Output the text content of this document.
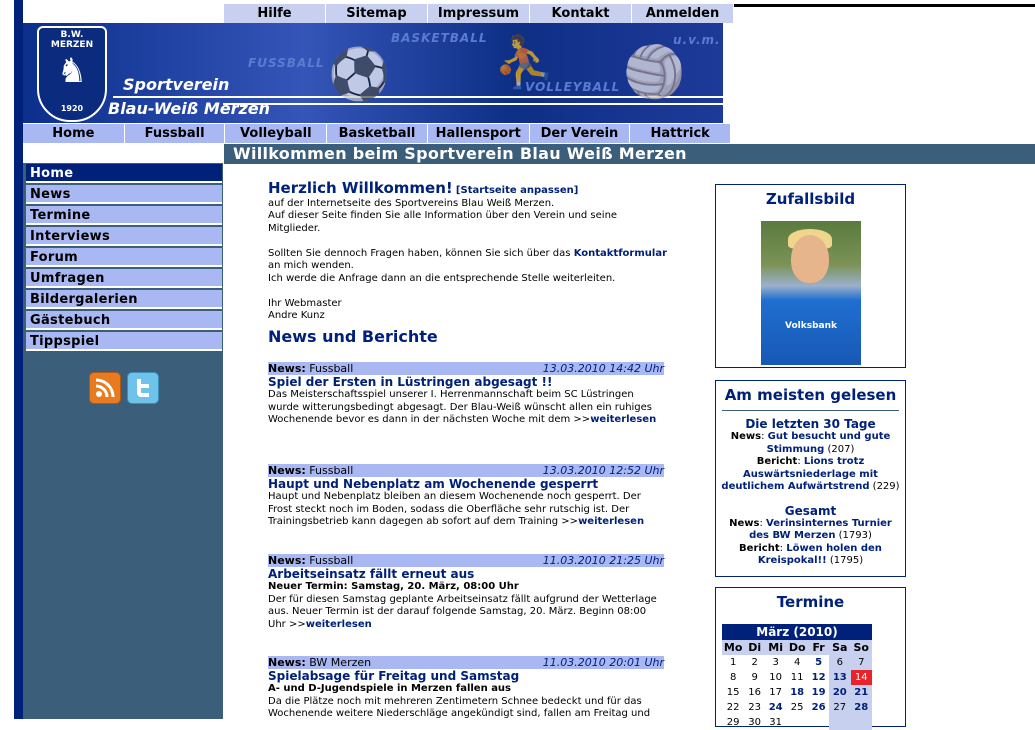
Hilfe	Sitemap	Impressum	Kontakt	Anmelden
B.W. MERZEN
♞
1920
FUSSBALL
BASKETBALL
VOLLEYBALL
u.v.m.
⚽ ⛹ 🏐
Sportverein
Blau-Weiß Merzen
Home	Fussball	Volleyball	Basketball	Hallensport	Der Verein	Hattrick
Home
News
Termine
Interviews
Forum
Umfragen
Bildergalerien
Gästebuch
Tippspiel
Willkommen beim Sportverein Blau Weiß Merzen
Herzlich Willkommen! [Startseite anpassen]
auf der Internetseite des Sportvereins Blau Weiß Merzen.
Auf dieser Seite finden Sie alle Information über den Verein und seine Mitglieder.

Sollten Sie dennoch Fragen haben, können Sie sich über das Kontaktformular an mich wenden.
Ich werde die Anfrage dann an die entsprechende Stelle weiterleiten.

Ihr Webmaster
Andre Kunz
News und Berichte
News: Fussball	13.03.2010 14:42 Uhr
Spiel der Ersten in Lüstringen abgesagt !!
Das Meisterschaftsspiel unserer I. Herrenmannschaft beim SC Lüstringen wurde witterungsbedingt abgesagt. Der Blau-Weiß wünscht allen ein ruhiges Wochenende bevor es dann in der nächsten Woche mit dem >>weiterlesen
News: Fussball	13.03.2010 12:52 Uhr
Haupt und Nebenplatz am Wochenende gesperrt
Haupt und Nebenplatz bleiben an diesem Wochenende noch gesperrt. Der Frost steckt noch im Boden, sodass die Oberfläche sehr rutschig ist. Der Trainingsbetrieb kann dagegen ab sofort auf dem Training >>weiterlesen
News: Fussball	11.03.2010 21:25 Uhr
Arbeitseinsatz fällt erneut aus
Neuer Termin: Samstag, 20. März, 08:00 Uhr
Der für diesen Samstag geplante Arbeitseinsatz fällt aufgrund der Wetterlage aus. Neuer Termin ist der darauf folgende Samstag, 20. März. Beginn 08:00 Uhr >>weiterlesen
News: BW Merzen	11.03.2010 20:01 Uhr
Spielabsage für Freitag und Samstag
A- und D-Jugendspiele in Merzen fallen aus
Da die Plätze noch mit mehreren Zentimetern Schnee bedeckt und für das Wochenende weitere Niederschläge angekündigt sind, fallen am Freitag und
Zufallsbild
Volksbank
Am meisten gelesen
Die letzten 30 Tage
News: Gut besucht und gute Stimmung (207)
Bericht: Lions trotz Auswärtsniederlage mit deutlichem Aufwärtstrend (229)
Gesamt
News: Verinsinternes Turnier des BW Merzen (1793)
Bericht: Löwen holen den Kreispokal!! (1795)
Termine
März (2010)						
Mo	Di	Mi	Do	Fr	Sa	So
1	2	3	4	5	6	7
8	9	10	11	12	13	14
15	16	17	18	19	20	21
22	23	24	25	26	27	28
29	30	31				
